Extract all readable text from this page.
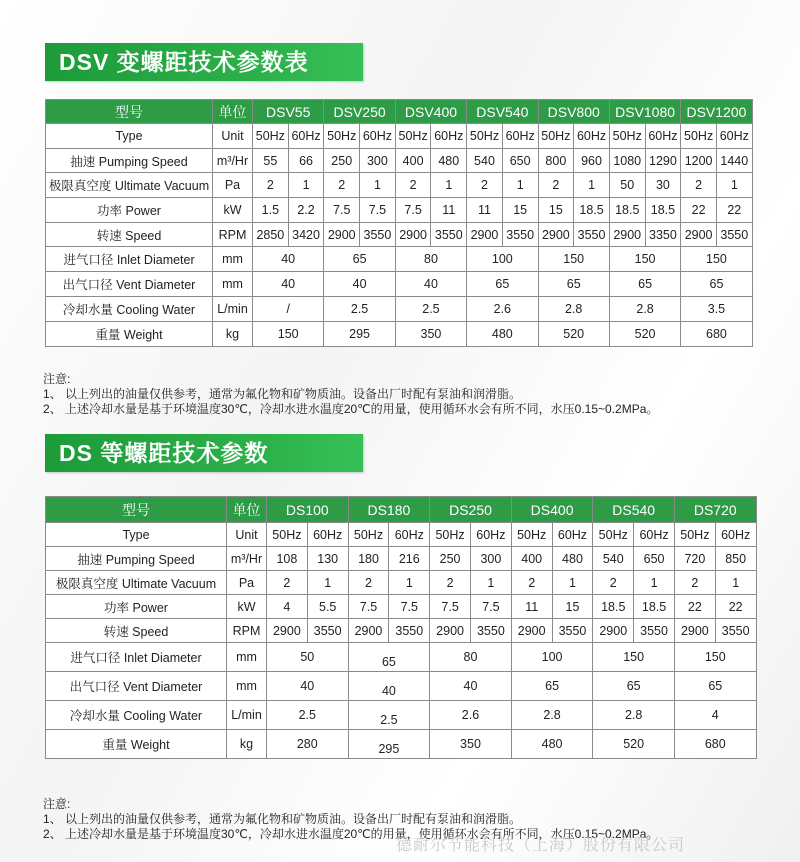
DSV 变螺距技术参数表
型号	单位	DSV55		DSV250		DSV400		DSV540		DSV800		DSV1080		DSV1200	
Type	Unit	50Hz	60Hz	50Hz	60Hz	50Hz	60Hz	50Hz	60Hz	50Hz	60Hz	50Hz	60Hz	50Hz	60Hz
抽速 Pumping Speed	m³/Hr	55	66	250	300	400	480	540	650	800	960	1080	1290	1200	1440
极限真空度 Ultimate Vacuum	Pa	2	1	2	1	2	1	2	1	2	1	50	30	2	1
功率 Power	kW	1.5	2.2	7.5	7.5	7.5	11	11	15	15	18.5	18.5	18.5	22	22
转速 Speed	RPM	2850	3420	2900	3550	2900	3550	2900	3550	2900	3550	2900	3350	2900	3550
进气口径 Inlet Diameter	mm	40		65		80		100		150		150		150	
出气口径 Vent Diameter	mm	40		40		40		65		65		65		65	
冷却水量 Cooling Water	L/min	/		2.5		2.5		2.6		2.8		2.8		3.5	
重量 Weight	kg	150		295		350		480		520		520		680	
注意:
1、 以上列出的油量仅供参考，通常为氟化物和矿物质油。设备出厂时配有泵油和润滑脂。
2、 上述冷却水量是基于环境温度30℃，冷却水进水温度20℃的用量，使用循环水会有所不同，水压0.15~0.2MPa。
DS 等螺距技术参数
型号	单位	DS100		DS180		DS250		DS400		DS540		DS720	
Type	Unit	50Hz	60Hz	50Hz	60Hz	50Hz	60Hz	50Hz	60Hz	50Hz	60Hz	50Hz	60Hz
抽速 Pumping Speed	m³/Hr	108	130	180	216	250	300	400	480	540	650	720	850
极限真空度 Ultimate Vacuum	Pa	2	1	2	1	2	1	2	1	2	1	2	1
功率 Power	kW	4	5.5	7.5	7.5	7.5	7.5	11	15	18.5	18.5	22	22
转速 Speed	RPM	2900	3550	2900	3550	2900	3550	2900	3550	2900	3550	2900	3550
进气口径 Inlet Diameter	mm	50		65		80		100		150		150	
出气口径 Vent Diameter	mm	40		40		40		65		65		65	
冷却水量 Cooling Water	L/min	2.5		2.5		2.6		2.8		2.8		4	
重量 Weight	kg	280		295		350		480		520		680	
注意:
1、 以上列出的油量仅供参考，通常为氟化物和矿物质油。设备出厂时配有泵油和润滑脂。
2、 上述冷却水量是基于环境温度30℃，冷却水进水温度20℃的用量，使用循环水会有所不同，水压0.15~0.2MPa。
德耐尔节能科技（上海）股份有限公司
